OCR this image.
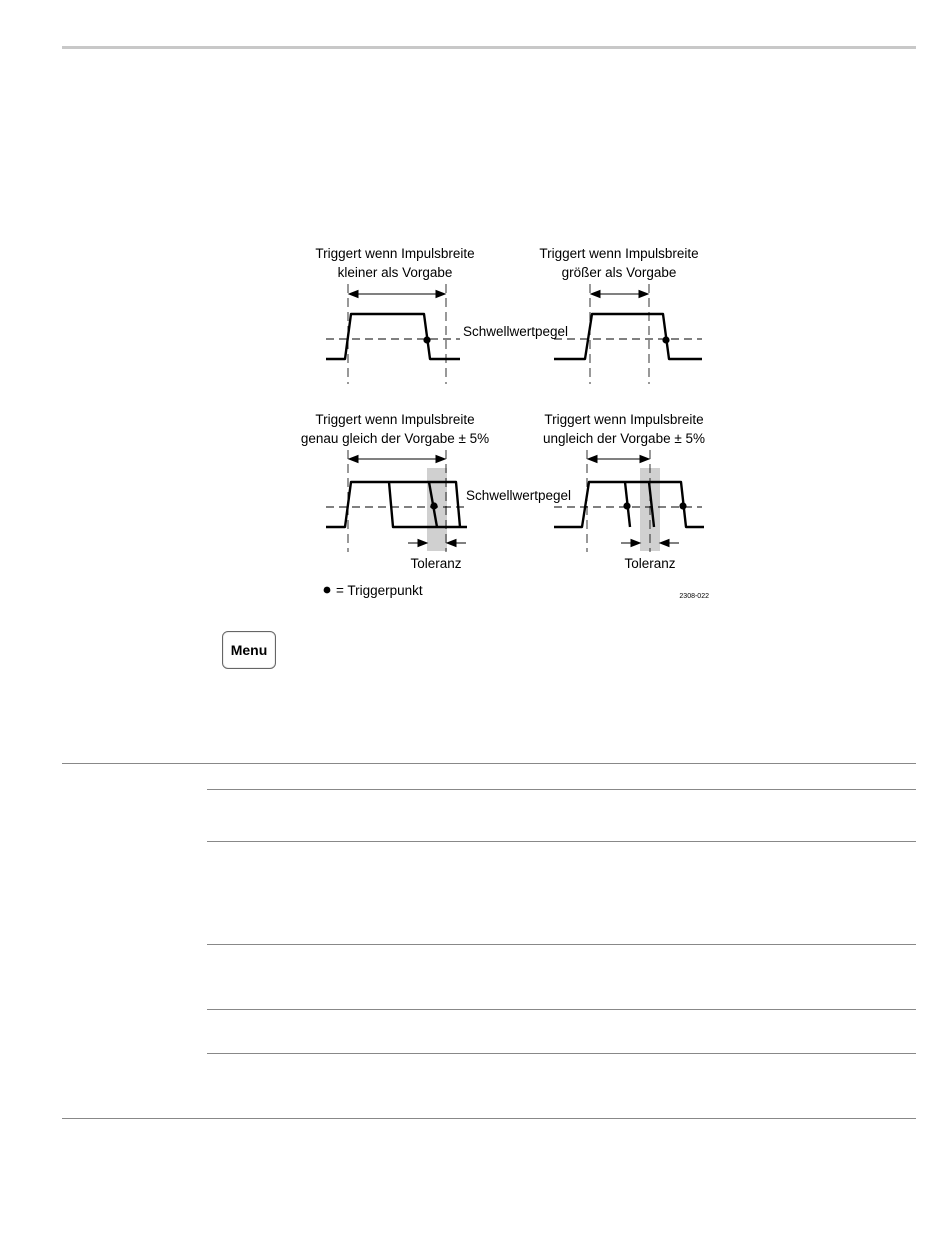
Triggert wenn Impulsbreite
kleiner als Vorgabe
Triggert wenn Impulsbreite
größer als Vorgabe
Triggert wenn Impulsbreite
genau gleich der Vorgabe ± 5%
Triggert wenn Impulsbreite
ungleich der Vorgabe ± 5%
Schwellwertpegel
Schwellwertpegel
Toleranz	Toleranz
= Triggerpunkt	2308-022
Menu
